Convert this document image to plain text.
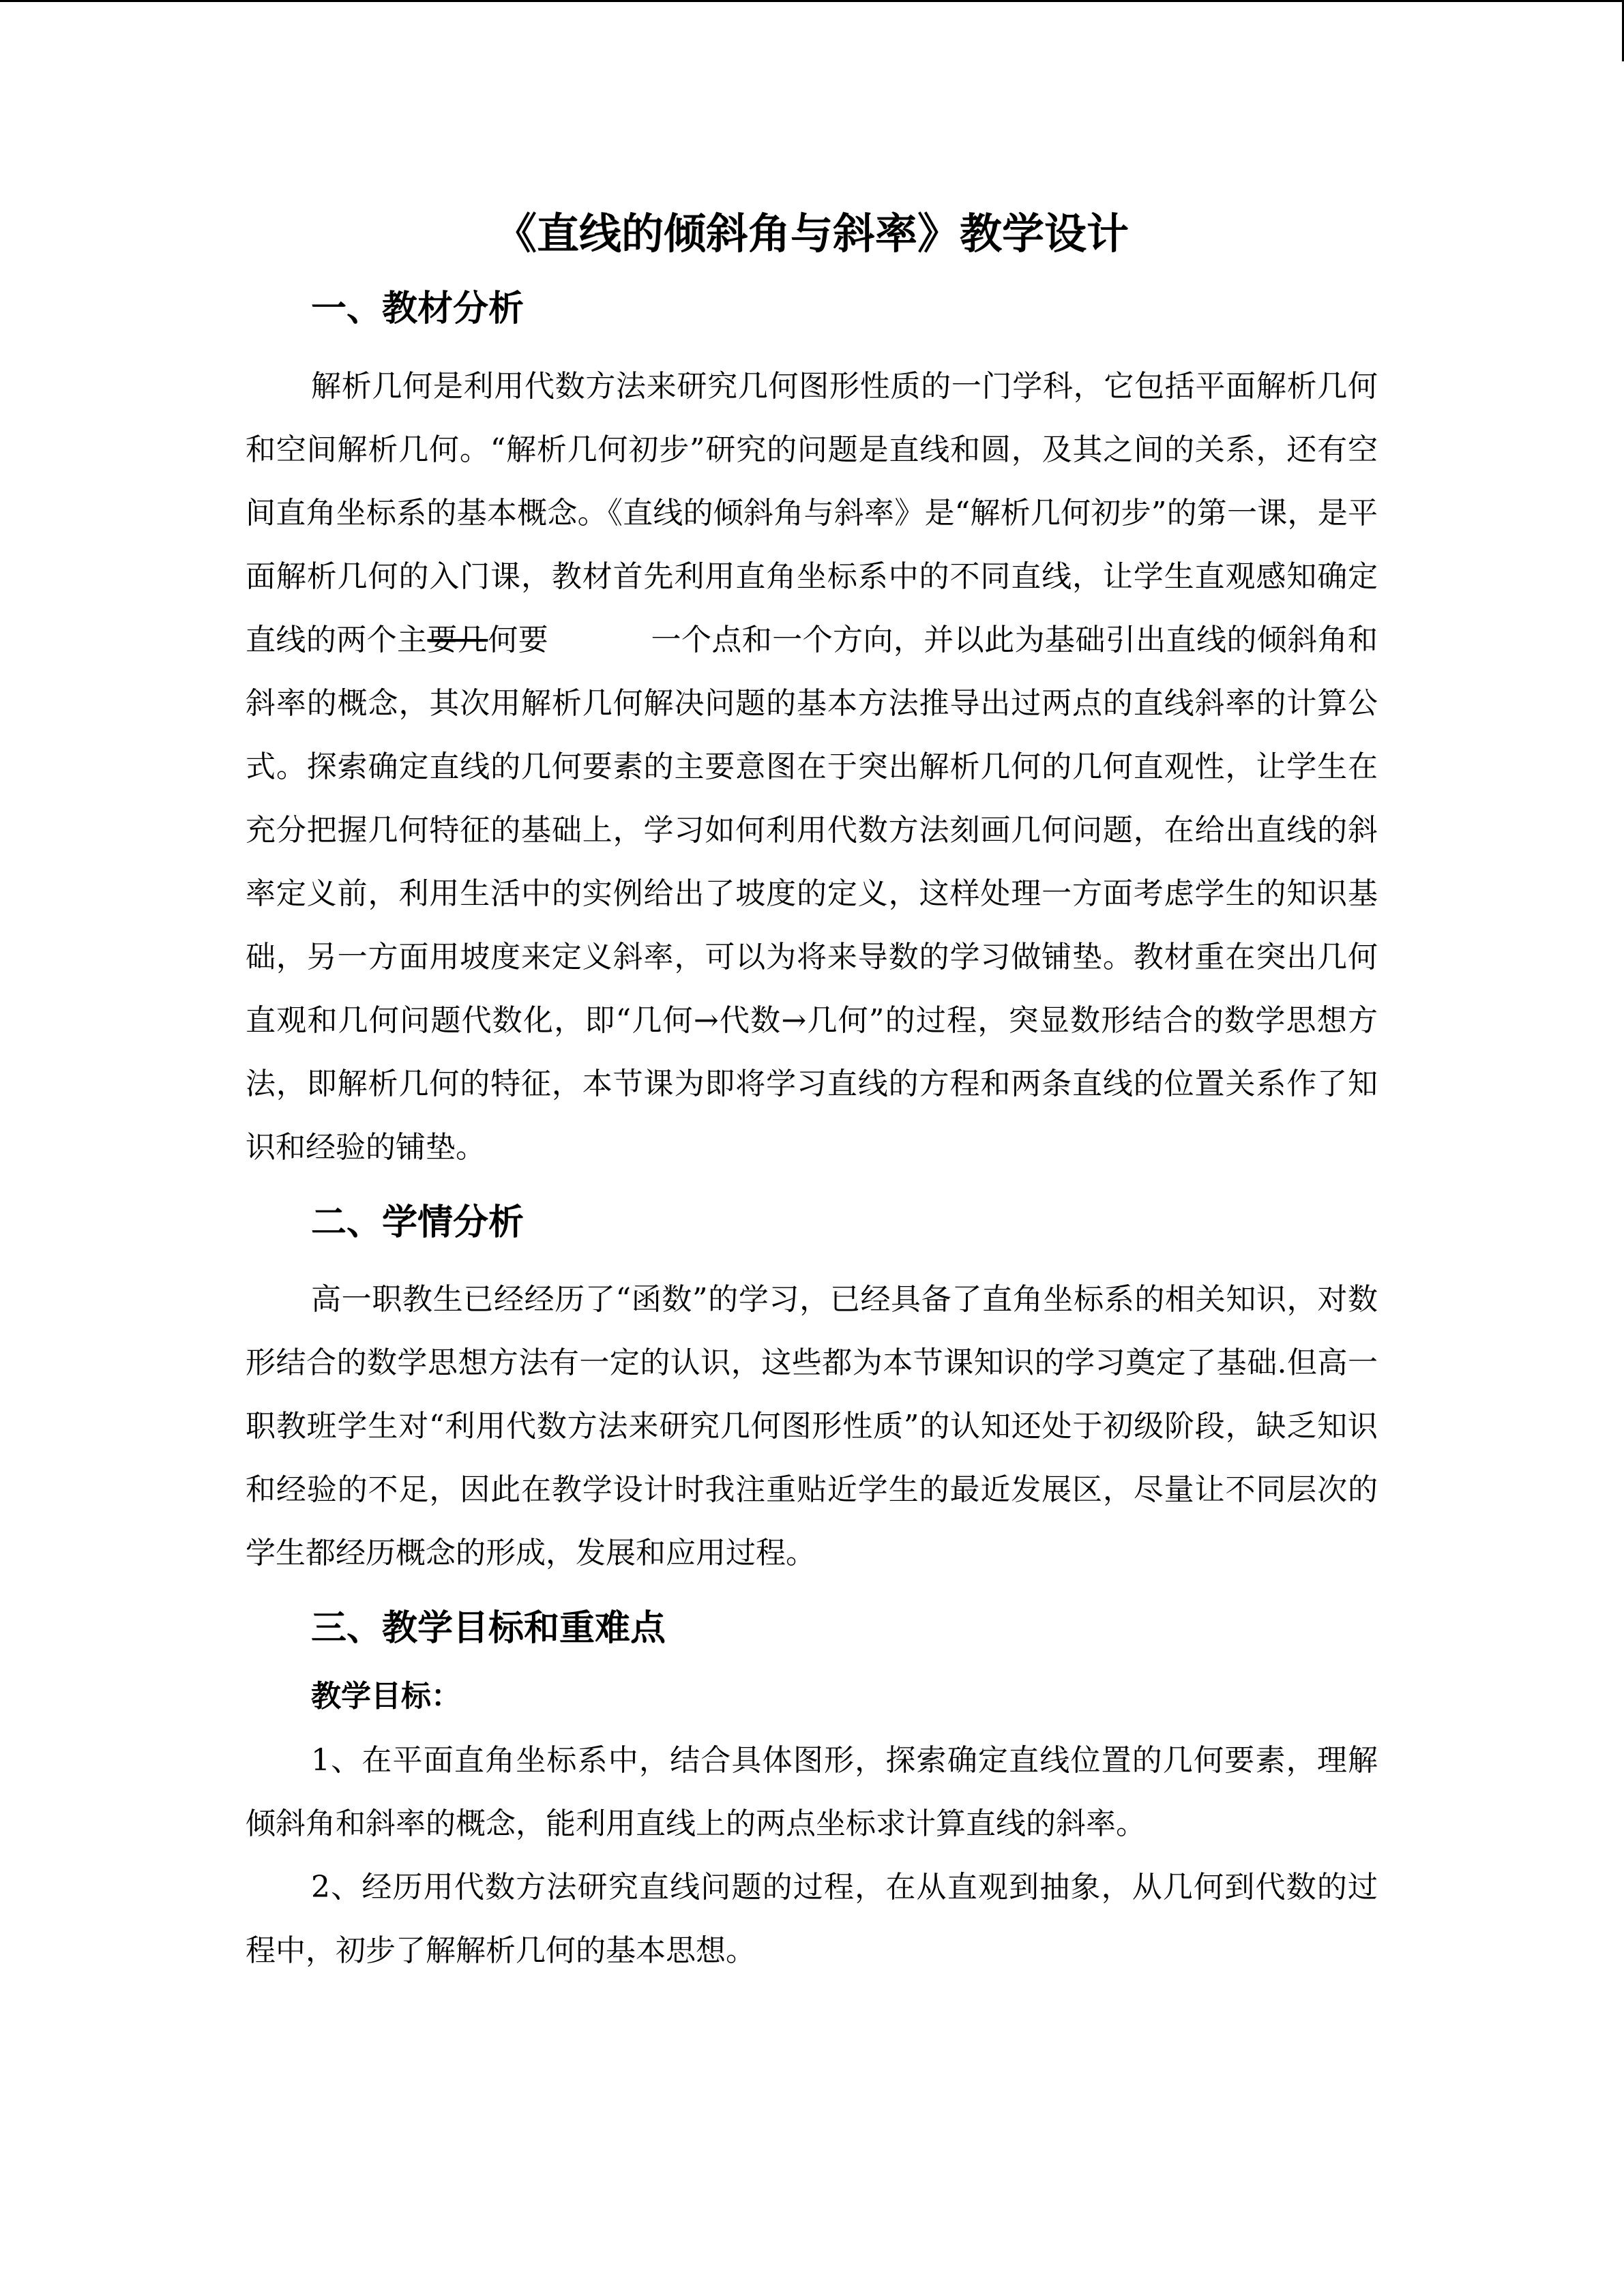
《直线的倾斜角与斜率》教学设计
一、教材分析

解析几何是利用代数方法来研究几何图形性质的一门学科，它包括平面解析几何和空间解析几何。“解析几何初步”研究的问题是直线和圆，及其之间的关系，还有空间直角坐标系的基本概念。《直线的倾斜角与斜率》是“解析几何初步”的第一课，是平面解析几何的入门课，教材首先利用直角坐标系中的不同直线，让学生直观感知确定直线的两个主要几何要	一个点和一个方向，并以此为基础引出直线的倾斜角和斜率的概念，其次用解析几何解决问题的基本方法推导出过两点的直线斜率的计算公式。探索确定直线的几何要素的主要意图在于突出解析几何的几何直观性，让学生在充分把握几何特征的基础上，学习如何利用代数方法刻画几何问题，在给出直线的斜率定义前，利用生活中的实例给出了坡度的定义，这样处理一方面考虑学生的知识基础，另一方面用坡度来定义斜率，可以为将来导数的学习做铺垫。教材重在突出几何直观和几何问题代数化，即“几何→代数→几何”的过程，突显数形结合的数学思想方法，即解析几何的特征，本节课为即将学习直线的方程和两条直线的位置关系作了知识和经验的铺垫。

二、学情分析

高一职教生已经经历了“函数”的学习，已经具备了直角坐标系的相关知识，对数形结合的数学思想方法有一定的认识，这些都为本节课知识的学习奠定了基础.但高一职教班学生对“利用代数方法来研究几何图形性质”的认知还处于初级阶段，缺乏知识和经验的不足，因此在教学设计时我注重贴近学生的最近发展区，尽量让不同层次的学生都经历概念的形成，发展和应用过程。

三、教学目标和重难点
教学目标：

1、在平面直角坐标系中，结合具体图形，探索确定直线位置的几何要素，理解倾斜角和斜率的概念，能利用直线上的两点坐标求计算直线的斜率。

2、经历用代数方法研究直线问题的过程，在从直观到抽象，从几何到代数的过程中，初步了解解析几何的基本思想。
